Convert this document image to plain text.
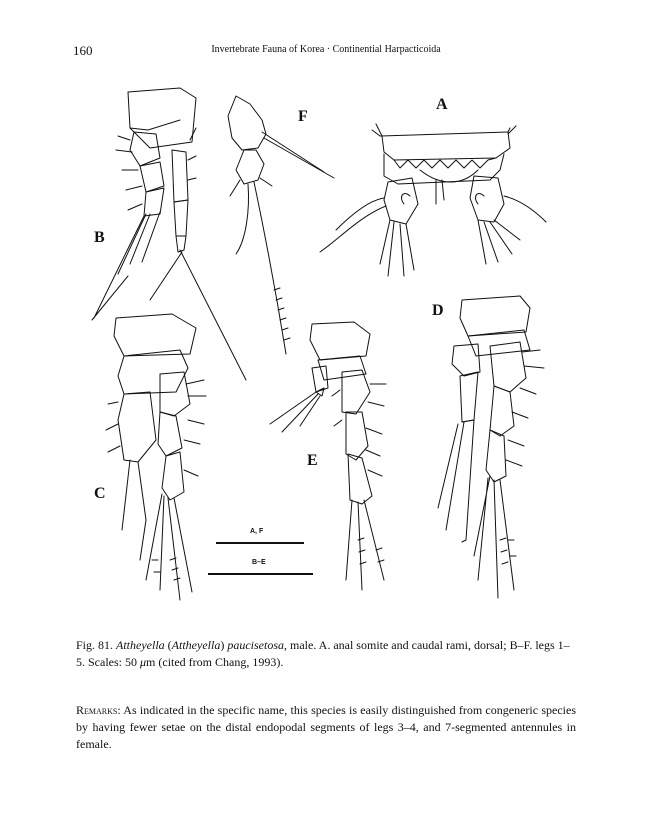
160	Invertebrate Fauna of Korea · Continential Harpacticoida
A
B
C
D
E
F
A, F
B–E
Fig. 81. Attheyella (Attheyella) paucisetosa, male. A. anal somite and caudal rami, dorsal; B–F. legs 1–5. Scales: 50 μm (cited from Chang, 1993).
Remarks: As indicated in the specific name, this species is easily distinguished from congeneric species by having fewer setae on the distal endopodal segments of legs 3–4, and 7-segmented antennules in female.
